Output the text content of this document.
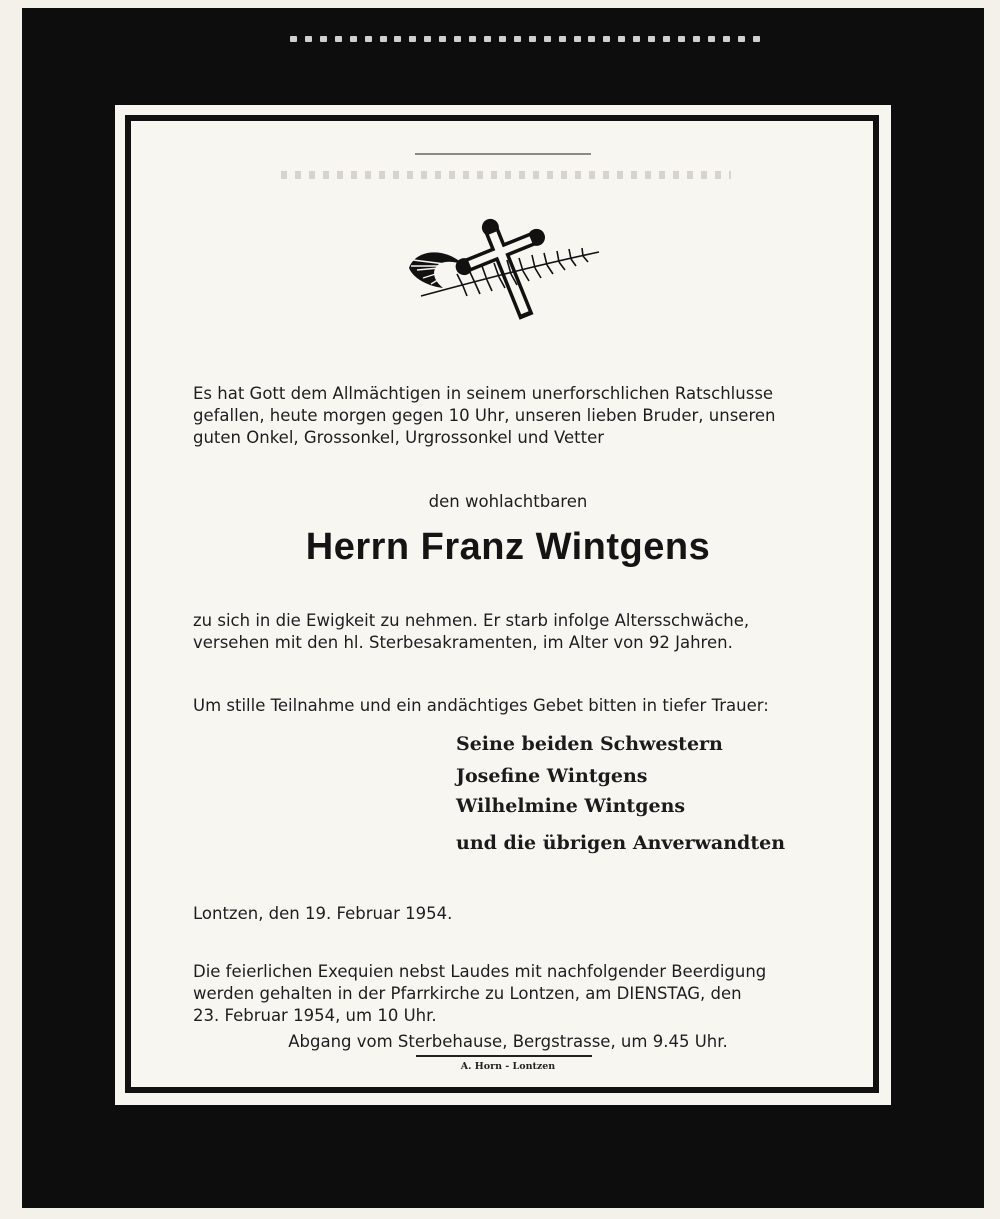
Es hat Gott dem Allmächtigen in seinem unerforschlichen Ratschlusse

gefallen, heute morgen gegen 10 Uhr, unseren lieben Bruder, unseren

guten Onkel, Grossonkel, Urgrossonkel und Vetter

den wohlachtbaren
Herrn Franz Wintgens

zu sich in die Ewigkeit zu nehmen. Er starb infolge Altersschwäche,

versehen mit den hl. Sterbesakramenten, im Alter von 92 Jahren.

Um stille Teilnahme und ein andächtiges Gebet bitten in tiefer Trauer:

Seine beiden Schwestern
Josefine Wintgens
Wilhelmine Wintgens
und die übrigen Anverwandten

Lontzen, den 19. Februar 1954.

Die feierlichen Exequien nebst Laudes mit nachfolgender Beerdigung

werden gehalten in der Pfarrkirche zu Lontzen, am DIENSTAG, den

23. Februar 1954, um 10 Uhr.

Abgang vom Sterbehause, Bergstrasse, um 9.45 Uhr.
A. Horn - Lontzen
